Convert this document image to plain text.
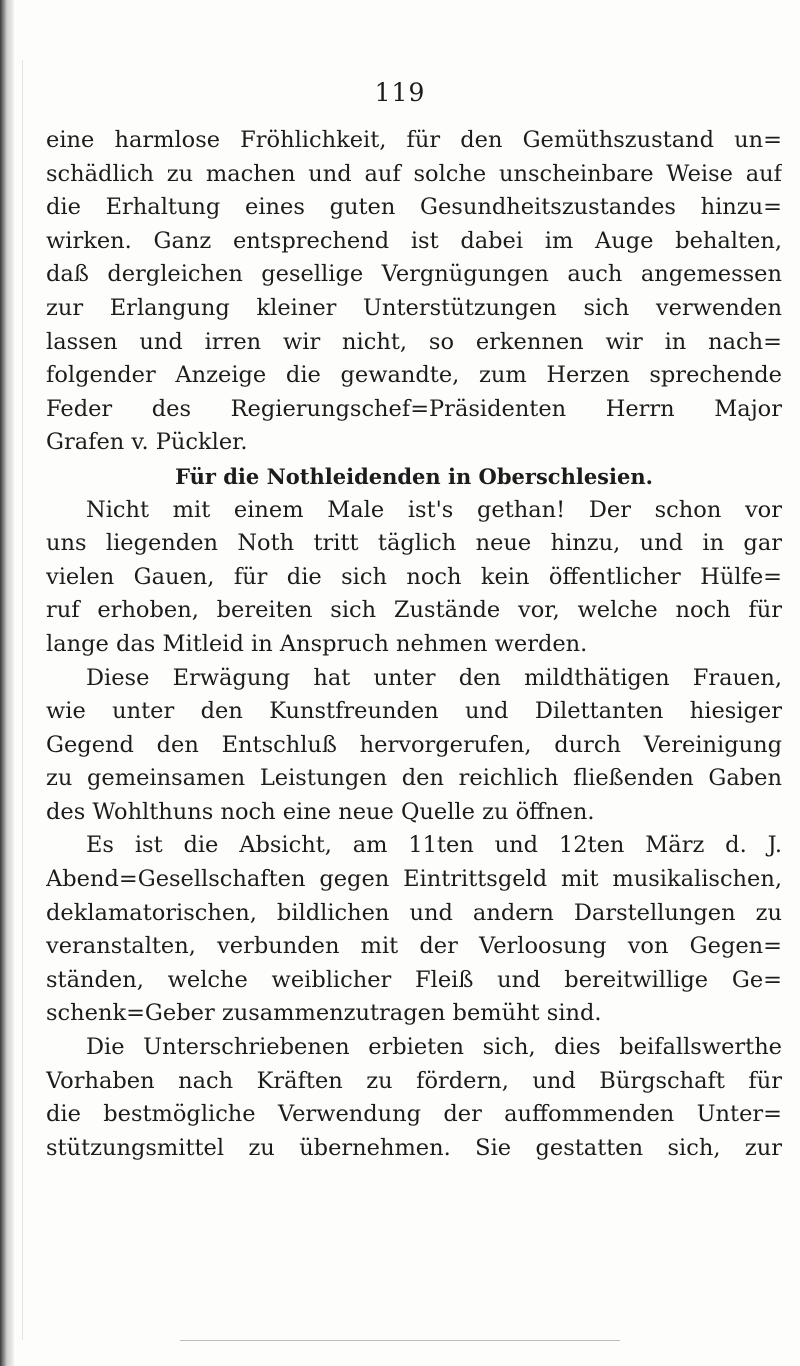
119
eine harmlose Fröhlichkeit, für den Gemüthszustand un=
schädlich zu machen und auf solche unscheinbare Weise auf
die Erhaltung eines guten Gesundheitszustandes hinzu=
wirken. Ganz entsprechend ist dabei im Auge behalten,
daß dergleichen gesellige Vergnügungen auch angemessen
zur Erlangung kleiner Unterstützungen sich verwenden
lassen und irren wir nicht, so erkennen wir in nach=
folgender Anzeige die gewandte, zum Herzen sprechende
Feder des Regierungschef=Präsidenten Herrn Major
Grafen v. Pückler.
Für die Nothleidenden in Oberschlesien.
Nicht mit einem Male ist's gethan! Der schon vor
uns liegenden Noth tritt täglich neue hinzu, und in gar
vielen Gauen, für die sich noch kein öffentlicher Hülfe=
ruf erhoben, bereiten sich Zustände vor, welche noch für
lange das Mitleid in Anspruch nehmen werden.
Diese Erwägung hat unter den mildthätigen Frauen,
wie unter den Kunstfreunden und Dilettanten hiesiger
Gegend den Entschluß hervorgerufen, durch Vereinigung
zu gemeinsamen Leistungen den reichlich fließenden Gaben
des Wohlthuns noch eine neue Quelle zu öffnen.
Es ist die Absicht, am 11ten und 12ten März d. J.
Abend=Gesellschaften gegen Eintrittsgeld mit musikalischen,
deklamatorischen, bildlichen und andern Darstellungen zu
veranstalten, verbunden mit der Verloosung von Gegen=
ständen, welche weiblicher Fleiß und bereitwillige Ge=
schenk=Geber zusammenzutragen bemüht sind.
Die Unterschriebenen erbieten sich, dies beifallswerthe
Vorhaben nach Kräften zu fördern, und Bürgschaft für
die bestmögliche Verwendung der auffommenden Unter=
stützungsmittel zu übernehmen. Sie gestatten sich, zur
